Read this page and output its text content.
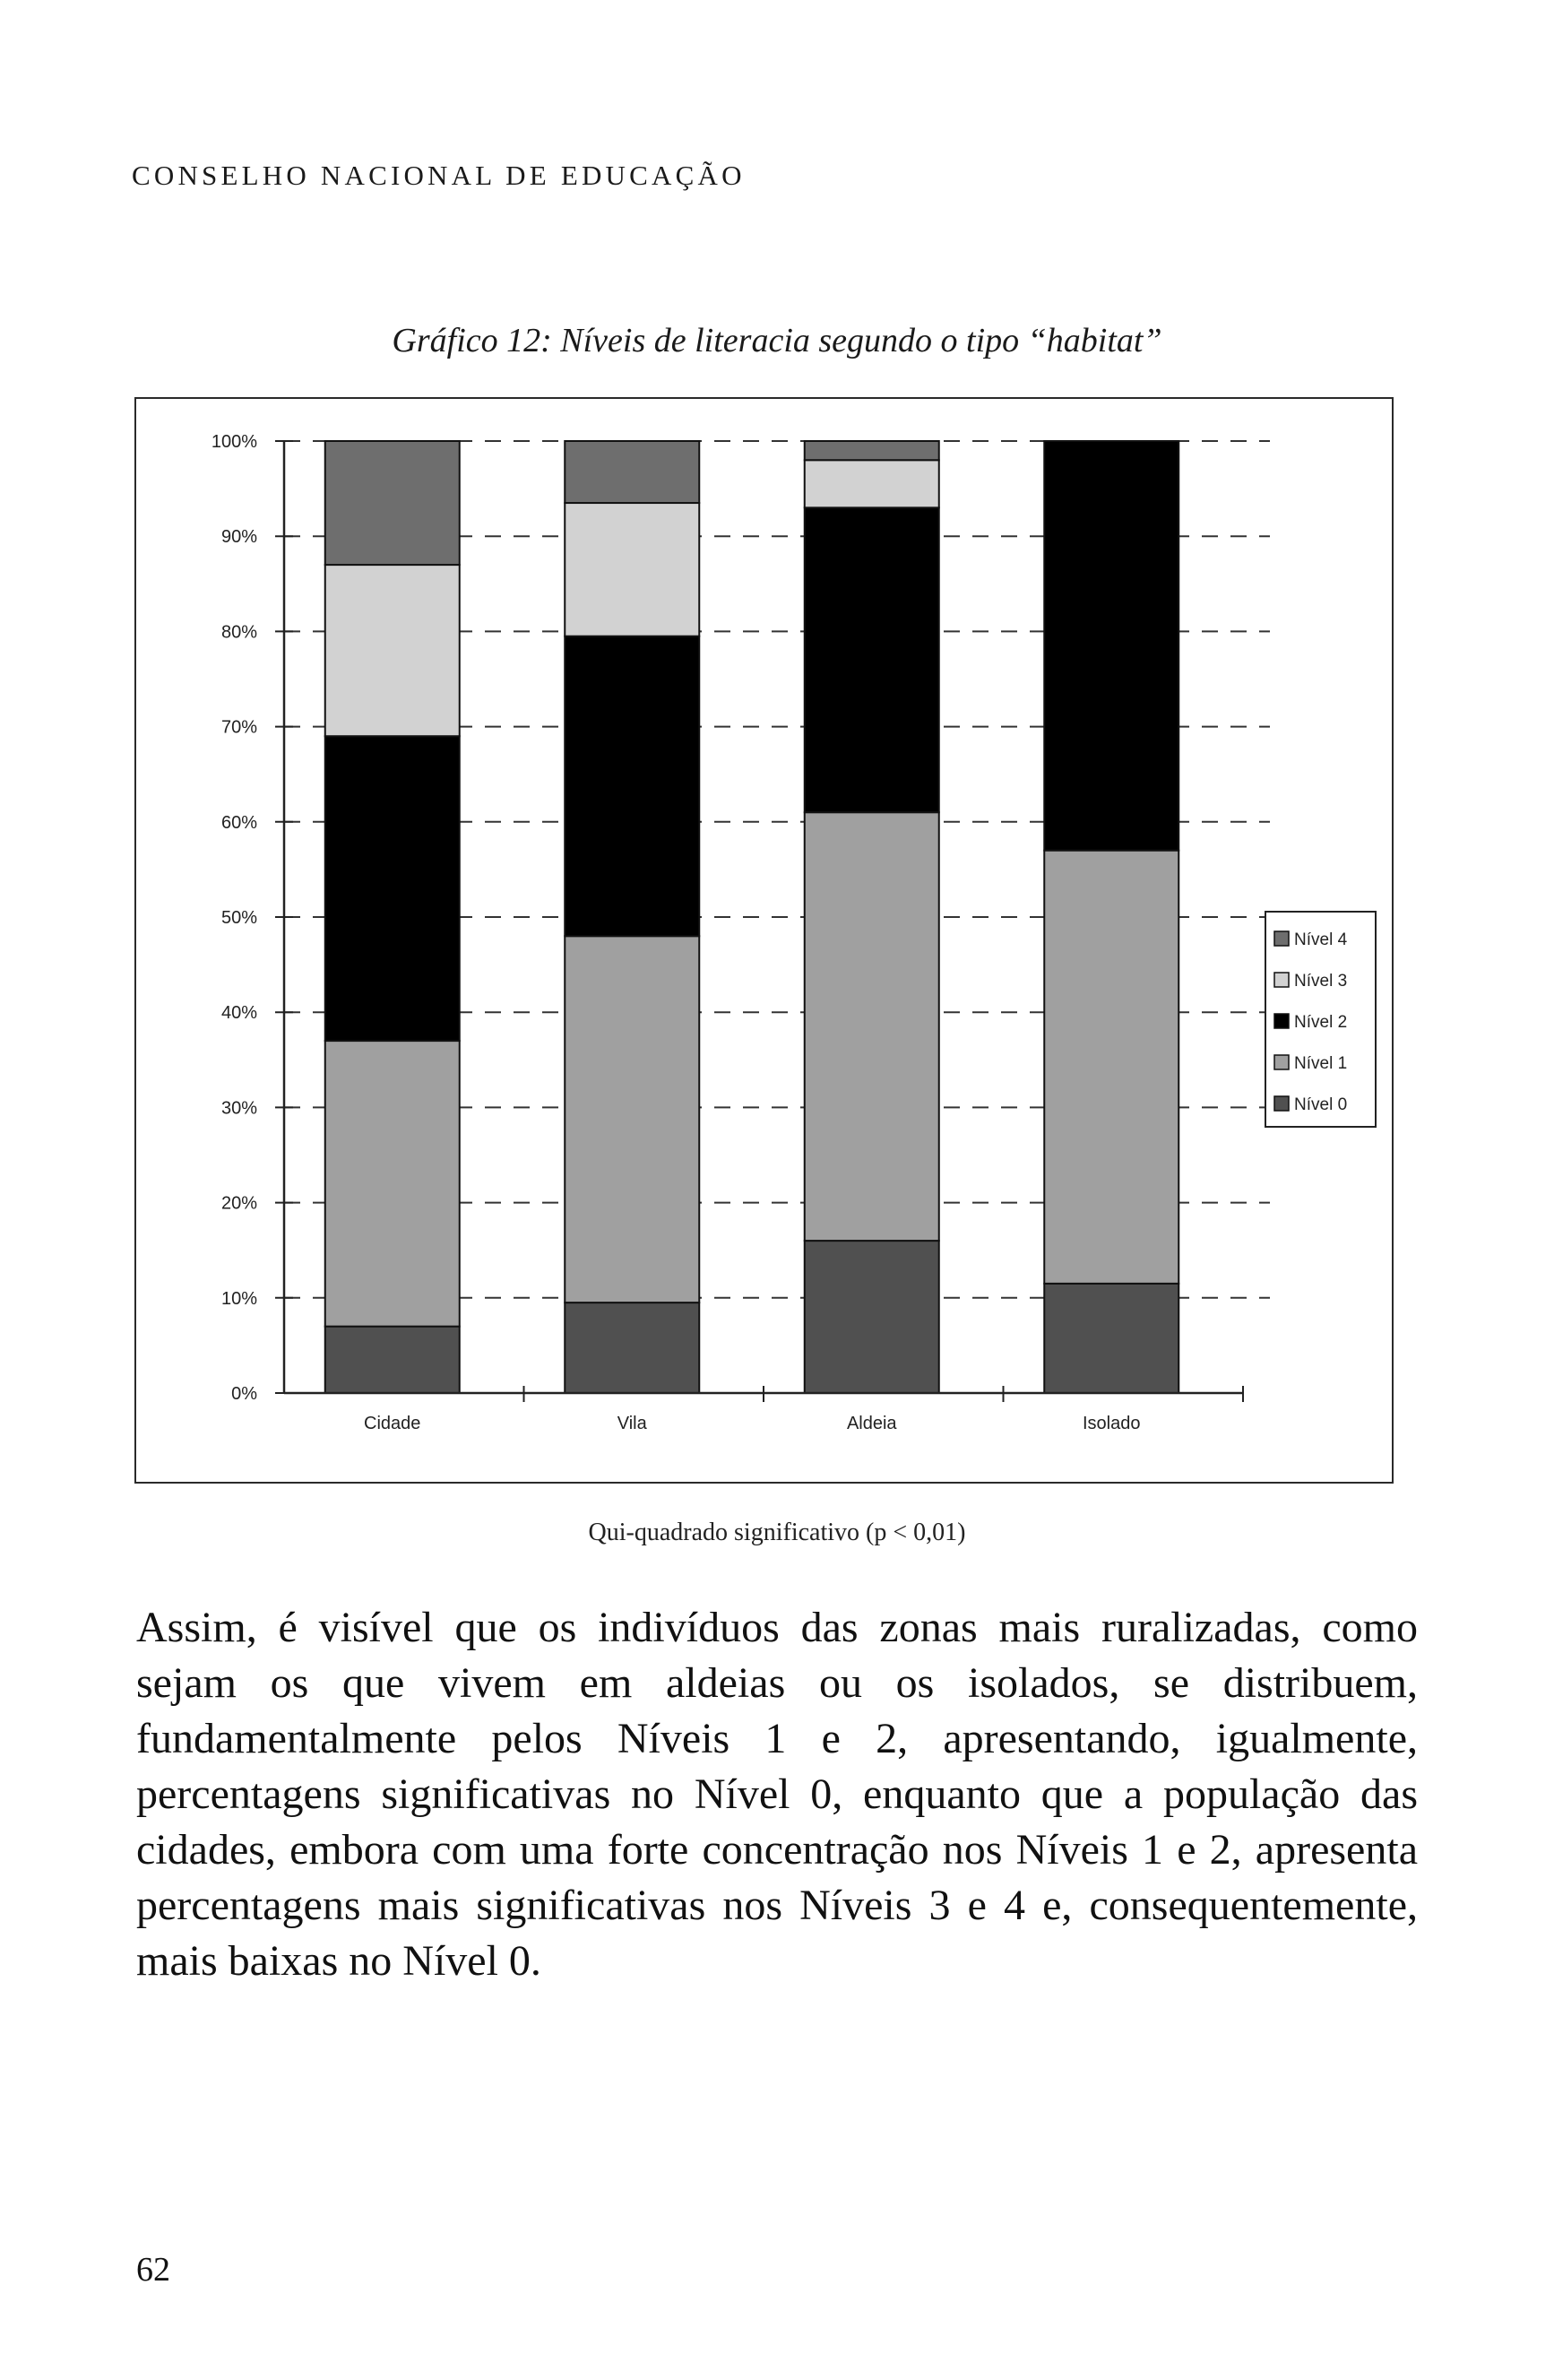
CONSELHO NACIONAL DE EDUCAÇÃO
Gráfico 12: Níveis de literacia segundo o tipo “habitat”
0%
10%
20%
30%
40%
50%
60%
70%
80%
90%
100%
Cidade	Vila	Aldeia	Isolado
Nível 4
Nível 3
Nível 2
Nível 1
Nível 0
Qui-quadrado significativo (p < 0,01)

Assim, é visível que os indivíduos das zonas mais ruralizadas, como sejam os que vivem em aldeias ou os isolados, se distribuem, fundamentalmente pelos Níveis 1 e 2, apresentando, igualmente, percentagens significativas no Nível 0, enquanto que a população das cidades, embora com uma forte concentração nos Níveis 1 e 2, apresenta percentagens mais significativas nos Níveis 3 e 4 e, consequentemente, mais baixas no Nível 0.

62
